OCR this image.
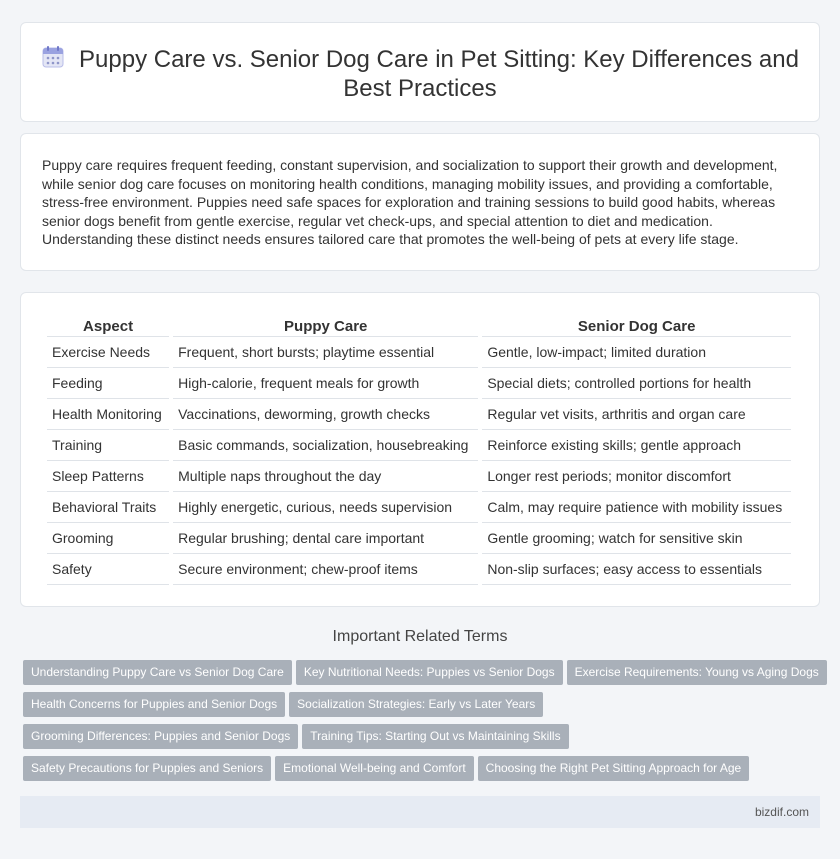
Puppy Care vs. Senior Dog Care in Pet Sitting: Key Differences and Best Practices

Puppy care requires frequent feeding, constant supervision, and socialization to support their growth and development, while senior dog care focuses on monitoring health conditions, managing mobility issues, and providing a comfortable, stress-free environment. Puppies need safe spaces for exploration and training sessions to build good habits, whereas senior dogs benefit from gentle exercise, regular vet check-ups, and special attention to diet and medication. Understanding these distinct needs ensures tailored care that promotes the well-being of pets at every life stage.

Aspect	Puppy Care	Senior Dog Care
Exercise Needs	Frequent, short bursts; playtime essential	Gentle, low-impact; limited duration
Feeding	High-calorie, frequent meals for growth	Special diets; controlled portions for health
Health Monitoring	Vaccinations, deworming, growth checks	Regular vet visits, arthritis and organ care
Training	Basic commands, socialization, housebreaking	Reinforce existing skills; gentle approach
Sleep Patterns	Multiple naps throughout the day	Longer rest periods; monitor discomfort
Behavioral Traits	Highly energetic, curious, needs supervision	Calm, may require patience with mobility issues
Grooming	Regular brushing; dental care important	Gentle grooming; watch for sensitive skin
Safety	Secure environment; chew-proof items	Non-slip surfaces; easy access to essentials
Important Related Terms
Understanding Puppy Care vs Senior Dog Care Key Nutritional Needs: Puppies vs Senior Dogs Exercise Requirements: Young vs Aging Dogs
Health Concerns for Puppies and Senior Dogs Socialization Strategies: Early vs Later Years
Grooming Differences: Puppies and Senior Dogs Training Tips: Starting Out vs Maintaining Skills
Safety Precautions for Puppies and Seniors Emotional Well-being and Comfort Choosing the Right Pet Sitting Approach for Age
bizdif.com
